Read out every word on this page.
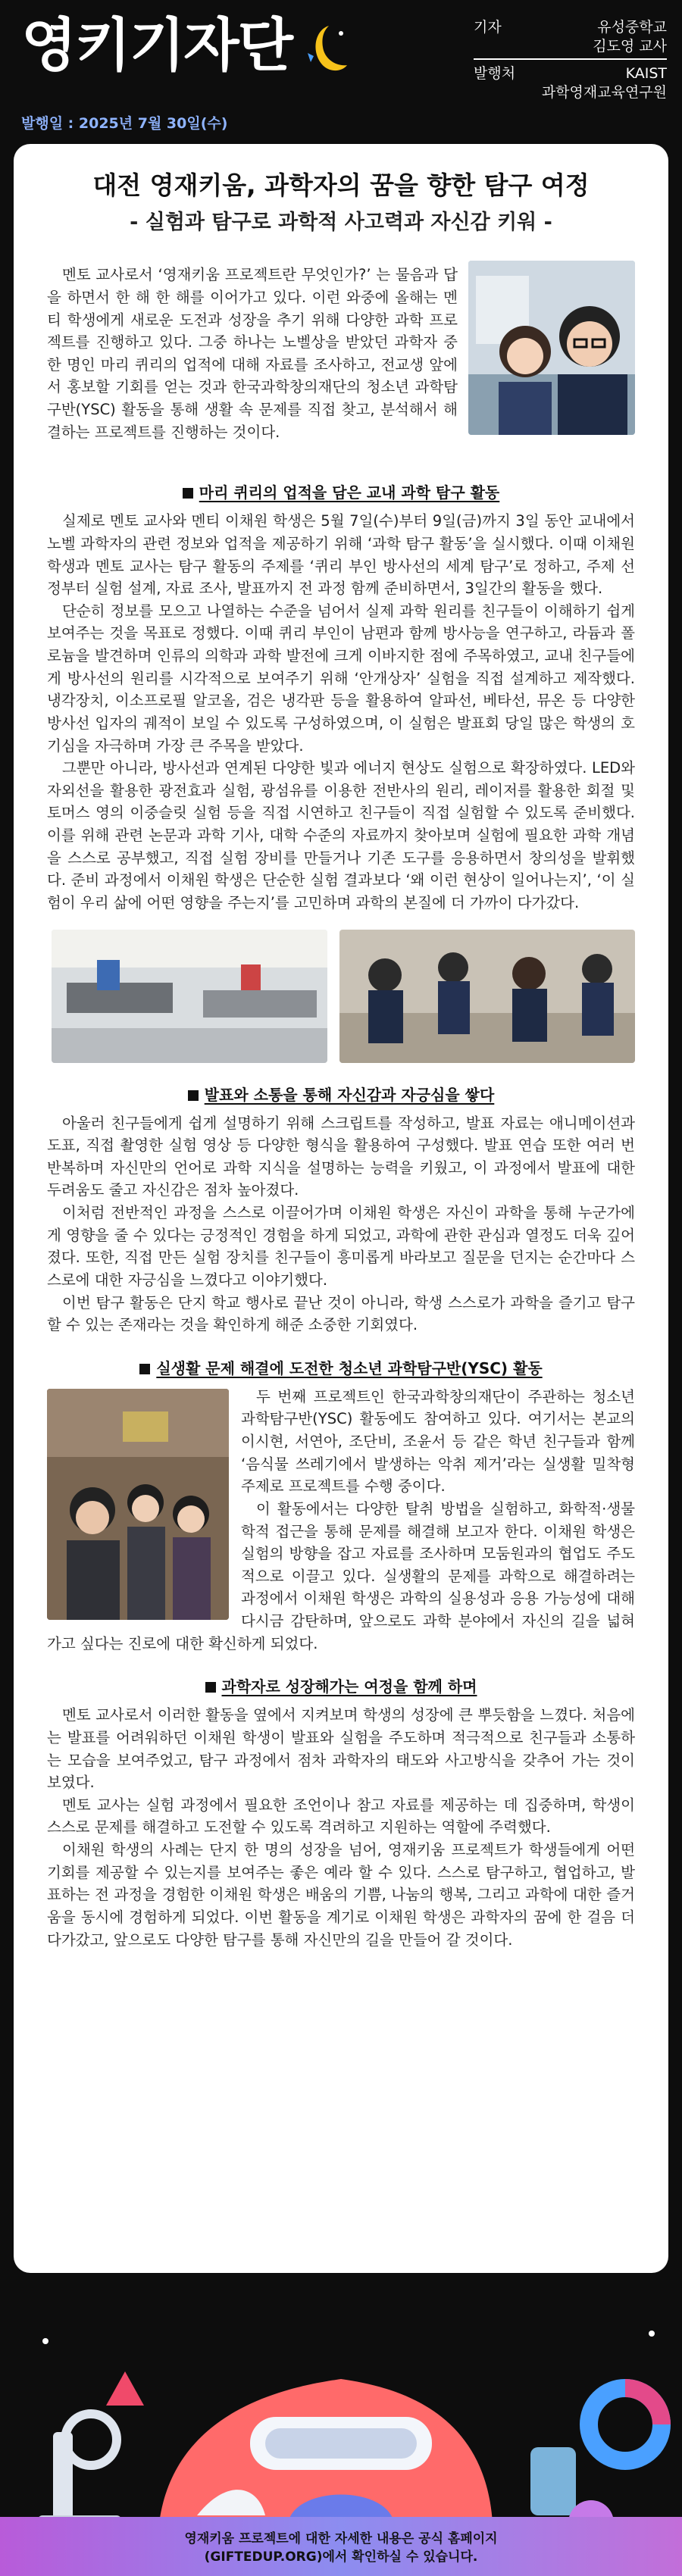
영키기자단	기자	유성중학교
김도영 교사
발행처	KAIST
과학영재교육연구원
발행일 : 2025년 7월 30일(수)
대전 영재키움, 과학자의 꿈을 향한 탐구 여정
- 실험과 탐구로 과학적 사고력과 자신감 키워 -

멘토 교사로서 ‘영재키움 프로젝트란 무엇인가?’ 는 물음과 답을 하면서 한 해 한 해를 이어가고 있다. 이런 와중에 올해는 멘티 학생에게 새로운 도전과 성장을 추기 위해 다양한 과학 프로젝트를 진행하고 있다. 그중 하나는 노벨상을 받았던 과학자 중 한 명인 마리 퀴리의 업적에 대해 자료를 조사하고, 전교생 앞에서 홍보할 기회를 얻는 것과 한국과학창의재단의 청소년 과학탐구반(YSC) 활동을 통해 생활 속 문제를 직접 찾고, 분석해서 해결하는 프로젝트를 진행하는 것이다.

마리 퀴리의 업적을 담은 교내 과학 탐구 활동

실제로 멘토 교사와 멘티 이채원 학생은 5월 7일(수)부터 9일(금)까지 3일 동안 교내에서 노벨 과학자의 관련 정보와 업적을 제공하기 위해 ‘과학 탐구 활동’을 실시했다. 이때 이채원 학생과 멘토 교사는 탐구 활동의 주제를 ‘퀴리 부인 방사선의 세계 탐구’로 정하고, 주제 선정부터 실험 설계, 자료 조사, 발표까지 전 과정 함께 준비하면서, 3일간의 활동을 했다.

단순히 정보를 모으고 나열하는 수준을 넘어서 실제 과학 원리를 친구들이 이해하기 쉽게 보여주는 것을 목표로 정했다. 이때 퀴리 부인이 남편과 함께 방사능을 연구하고, 라듐과 폴로늄을 발견하며 인류의 의학과 과학 발전에 크게 이바지한 점에 주목하였고, 교내 친구들에게 방사선의 원리를 시각적으로 보여주기 위해 ‘안개상자’ 실험을 직접 설계하고 제작했다. 냉각장치, 이소프로필 알코올, 검은 냉각판 등을 활용하여 알파선, 베타선, 뮤온 등 다양한 방사선 입자의 궤적이 보일 수 있도록 구성하였으며, 이 실험은 발표회 당일 많은 학생의 호기심을 자극하며 가장 큰 주목을 받았다.

그뿐만 아니라, 방사선과 연계된 다양한 빛과 에너지 현상도 실험으로 확장하였다. LED와 자외선을 활용한 광전효과 실험, 광섬유를 이용한 전반사의 원리, 레이저를 활용한 회절 및 토머스 영의 이중슬릿 실험 등을 직접 시연하고 친구들이 직접 실험할 수 있도록 준비했다. 이를 위해 관련 논문과 과학 기사, 대학 수준의 자료까지 찾아보며 실험에 필요한 과학 개념을 스스로 공부했고, 직접 실험 장비를 만들거나 기존 도구를 응용하면서 창의성을 발휘했다. 준비 과정에서 이채원 학생은 단순한 실험 결과보다 ‘왜 이런 현상이 일어나는지’, ‘이 실험이 우리 삶에 어떤 영향을 주는지’를 고민하며 과학의 본질에 더 가까이 다가갔다.

발표와 소통을 통해 자신감과 자긍심을 쌓다

아울러 친구들에게 쉽게 설명하기 위해 스크립트를 작성하고, 발표 자료는 애니메이션과 도표, 직접 촬영한 실험 영상 등 다양한 형식을 활용하여 구성했다. 발표 연습 또한 여러 번 반복하며 자신만의 언어로 과학 지식을 설명하는 능력을 키웠고, 이 과정에서 발표에 대한 두려움도 줄고 자신감은 점차 높아졌다.

이처럼 전반적인 과정을 스스로 이끌어가며 이채원 학생은 자신이 과학을 통해 누군가에게 영향을 줄 수 있다는 긍정적인 경험을 하게 되었고, 과학에 관한 관심과 열정도 더욱 깊어졌다. 또한, 직접 만든 실험 장치를 친구들이 흥미롭게 바라보고 질문을 던지는 순간마다 스스로에 대한 자긍심을 느꼈다고 이야기했다.

이번 탐구 활동은 단지 학교 행사로 끝난 것이 아니라, 학생 스스로가 과학을 즐기고 탐구할 수 있는 존재라는 것을 확인하게 해준 소중한 기회였다.

실생활 문제 해결에 도전한 청소년 과학탐구반(YSC) 활동

두 번째 프로젝트인 한국과학창의재단이 주관하는 청소년과학탐구반(YSC) 활동에도 참여하고 있다. 여기서는 본교의 이시현, 서연아, 조단비, 조윤서 등 같은 학년 친구들과 함께 ‘음식물 쓰레기에서 발생하는 악취 제거’라는 실생활 밀착형 주제로 프로젝트를 수행 중이다.

이 활동에서는 다양한 탈취 방법을 실험하고, 화학적·생물학적 접근을 통해 문제를 해결해 보고자 한다. 이채원 학생은 실험의 방향을 잡고 자료를 조사하며 모둠원과의 협업도 주도적으로 이끌고 있다. 실생활의 문제를 과학으로 해결하려는 과정에서 이채원 학생은 과학의 실용성과 응용 가능성에 대해 다시금 감탄하며, 앞으로도 과학 분야에서 자신의 길을 넓혀가고 싶다는 진로에 대한 확신하게 되었다.

과학자로 성장해가는 여정을 함께 하며

멘토 교사로서 이러한 활동을 옆에서 지켜보며 학생의 성장에 큰 뿌듯함을 느꼈다. 처음에는 발표를 어려워하던 이채원 학생이 발표와 실험을 주도하며 적극적으로 친구들과 소통하는 모습을 보여주었고, 탐구 과정에서 점차 과학자의 태도와 사고방식을 갖추어 가는 것이 보였다.

멘토 교사는 실험 과정에서 필요한 조언이나 참고 자료를 제공하는 데 집중하며, 학생이 스스로 문제를 해결하고 도전할 수 있도록 격려하고 지원하는 역할에 주력했다.

이채원 학생의 사례는 단지 한 명의 성장을 넘어, 영재키움 프로젝트가 학생들에게 어떤 기회를 제공할 수 있는지를 보여주는 좋은 예라 할 수 있다. 스스로 탐구하고, 협업하고, 발표하는 전 과정을 경험한 이채원 학생은 배움의 기쁨, 나눔의 행복, 그리고 과학에 대한 즐거움을 동시에 경험하게 되었다. 이번 활동을 계기로 이채원 학생은 과학자의 꿈에 한 걸음 더 다가갔고, 앞으로도 다양한 탐구를 통해 자신만의 길을 만들어 갈 것이다.

영재키움 프로젝트에 대한 자세한 내용은 공식 홈페이지
(GIFTEDUP.ORG)에서 확인하실 수 있습니다.
